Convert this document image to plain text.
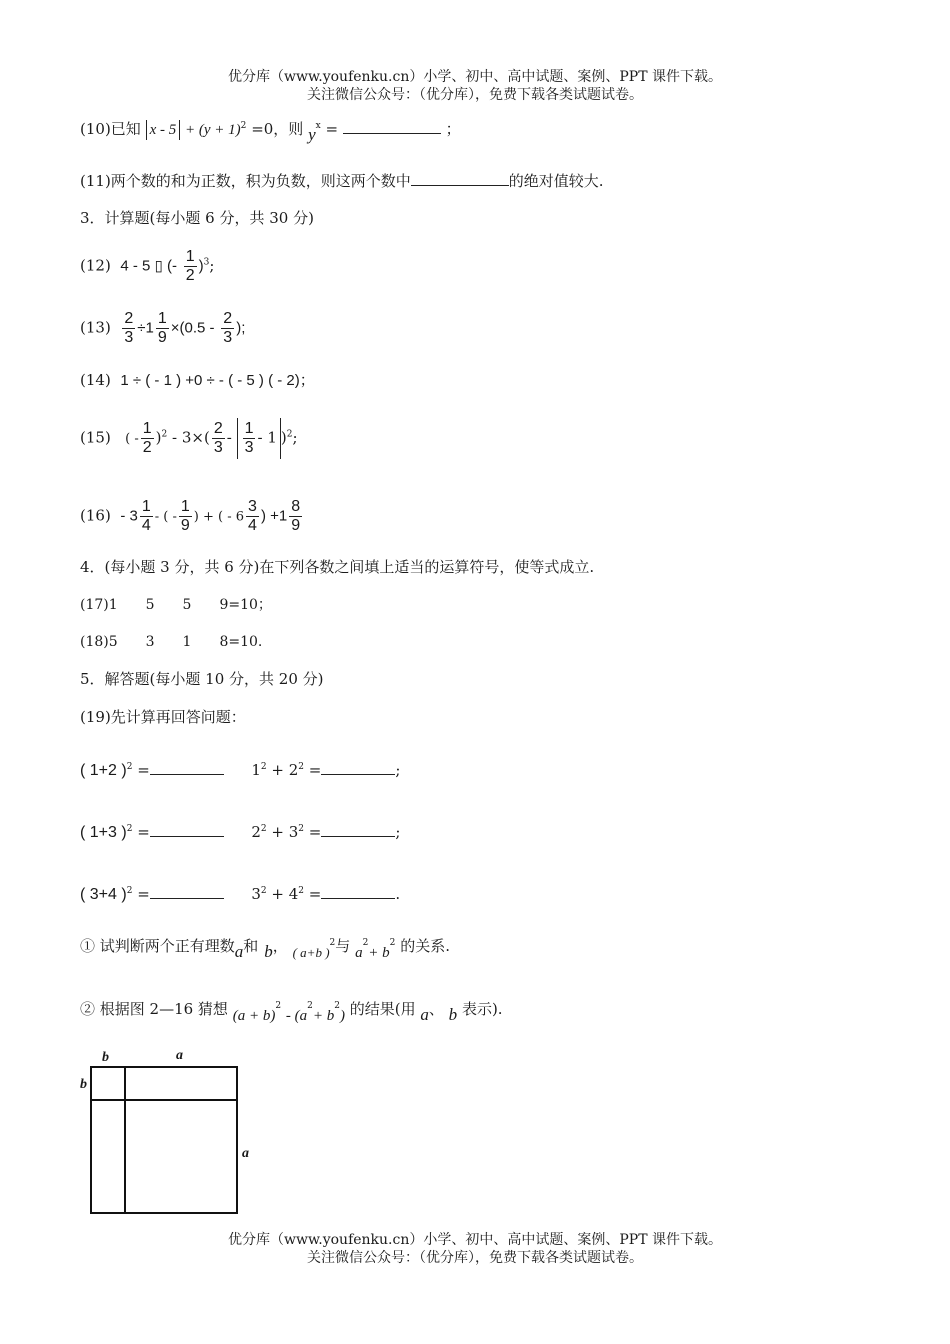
优分库（www.youfenku.cn）小学、初中、高中试题、案例、PPT 课件下载。
关注微信公众号：（优分库），免费下载各类试题试卷。
(10)已知 $x - 5 + (y + 1)^2 =0$，则 $y^x$ =	；
(11)两个数的和为正数，积为负数，则这两个数中	的绝对值较大.
3．计算题(每小题 6 分，共 30 分)
(12) 4 - 5 ▯ (- $\frac{1}{2} )^3$;
$(13) \frac{2}{3} \div 1 \frac{1}{9} \times(0.5 - \frac{2}{3}$ );
(14) 1 ÷ ( - 1 ) +0 ÷ - ( - 5 ) ( - 2)；
(15) ( - $\frac{1}{2} )^2 - 3\times( \frac{2}{3} - \frac{1}{3} - 1$ )$^2$;
$(16) - 3 \frac{1}{4}$ - ( - $\frac{1}{9}$ ) + ( - $6 \frac{3}{4}$ ) $+1 \frac{8}{9}$
4．(每小题 3 分，共 6 分)在下列各数之间填上适当的运算符号，使等式成立.
(17)1　　5　　5　　9=10；
(18)5　　3　　1　　8=10.
5．解答题(每小题 10 分，共 20 分)
(19)先计算再回答问题：
( 1+2 )$^2$ =	$1^2 + 2^2$ =	;
( 1+3 )$^2$ =	$2^2 + 3^2$ =	;
( 3+4 )$^2$ =	$3^2 + 4^2$ =	.
① 试判断两个正有理数a和 b， ( a+b )$^2$与 $a^2+ b^2$ 的关系.
② 根据图 2—16 猜想 $(a + b)^2 - (a^2+ b^2)$ 的结果(用 a、 b 表示).
b	a
b
a
优分库（www.youfenku.cn）小学、初中、高中试题、案例、PPT 课件下载。
关注微信公众号：（优分库），免费下载各类试题试卷。
